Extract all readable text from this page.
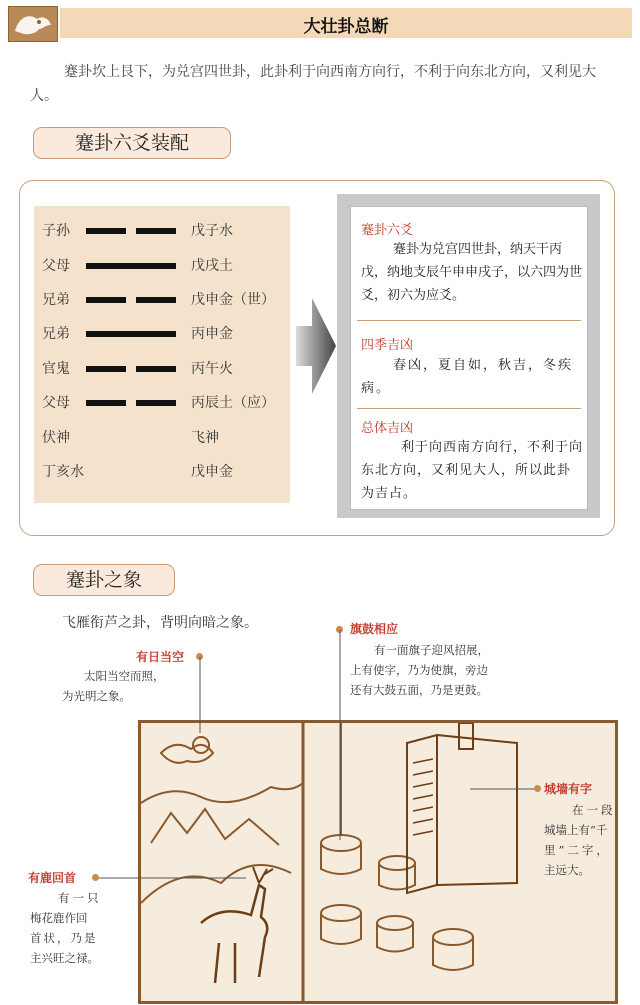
大壮卦总断
蹇卦坎上艮下，为兑宫四世卦，此卦利于向西南方向行，不利于向东北方向，又利见大人。
蹇卦六爻装配
子孙	戊子水
父母	戊戌土
兄弟	戊申金（世）
兄弟	丙申金
官鬼	丙午火
父母	丙辰土（应）
伏神	飞神
丁亥水	戊申金
蹇卦六爻
蹇卦为兑宫四世卦，纳天干丙戊，纳地支辰午申申戌子，以六四为世爻，初六为应爻。
四季吉凶
春凶，夏自如，秋吉，冬疾病。
总体吉凶
利于向西南方向行，不利于向东北方向，又利见大人，所以此卦为吉占。
蹇卦之象
飞雁衔芦之卦，背明向暗之象。
有日当空
太阳当空而照，
为光明之象。
旗鼓相应
有一面旗子迎风招展，
上有使字，乃为使旗，旁边
还有大鼓五面，乃是更鼓。
城墙有字
在一段
城墙上有“千
里”二字，
主远大。
有鹿回首
有一只
梅花鹿作回
首状，乃是
主兴旺之禄。
